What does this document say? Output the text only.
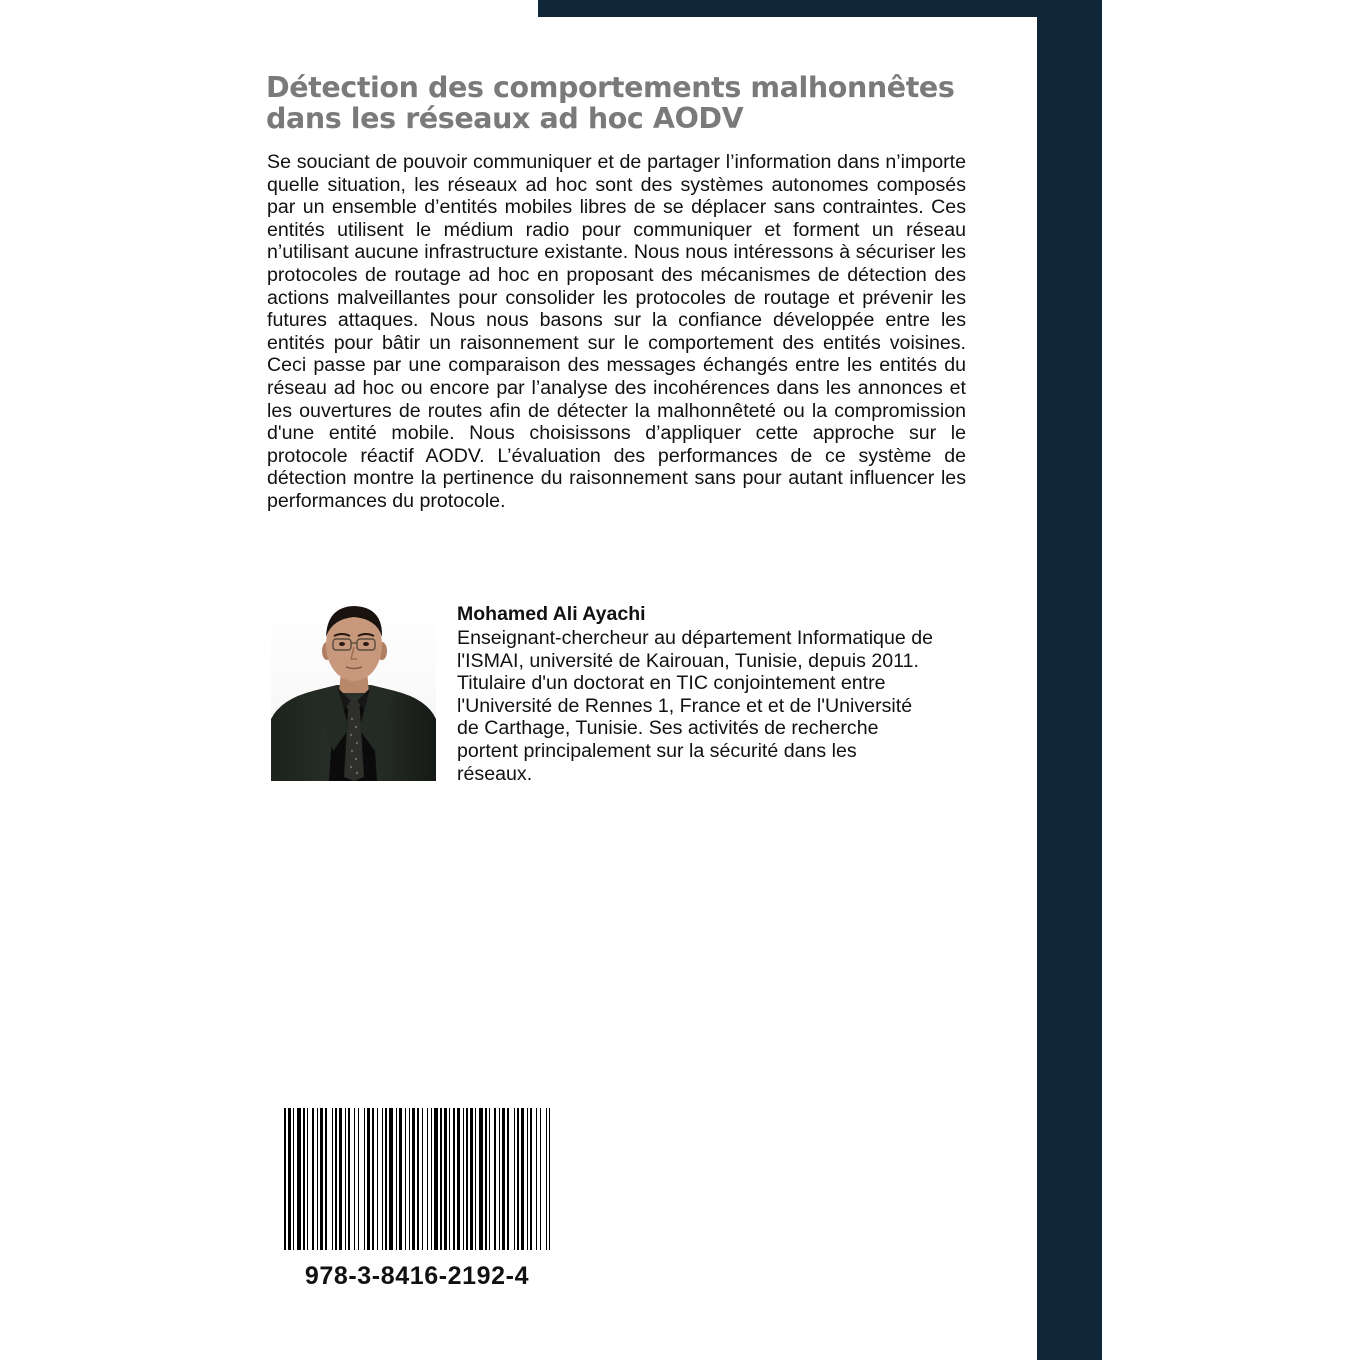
Détection des comportements malhonnêtes
dans les réseaux ad hoc AODV

Se souciant de pouvoir communiquer et de partager l’information dans n’importe quelle situation, les réseaux ad hoc sont des systèmes autonomes composés par un ensemble d’entités mobiles libres de se déplacer sans contraintes. Ces entités utilisent le médium radio pour communiquer et forment un réseau n’utilisant aucune infrastructure existante. Nous nous intéressons à sécuriser les protocoles de routage ad hoc en proposant des mécanismes de détection des actions malveillantes pour consolider les protocoles de routage et prévenir les futures attaques. Nous nous basons sur la confiance développée entre les entités pour bâtir un raisonnement sur le comportement des entités voisines. Ceci passe par une comparaison des messages échangés entre les entités du réseau ad hoc ou encore par l’analyse des incohérences dans les annonces et les ouvertures de routes afin de détecter la malhonnêteté ou la compromission d'une entité mobile. Nous choisissons d’appliquer cette approche sur le protocole réactif AODV. L’évaluation des performances de ce système de détection montre la pertinence du raisonnement sans pour autant influencer les performances du protocole.

Mohamed Ali Ayachi

Enseignant-chercheur au département Informatique de
l'ISMAI, université de Kairouan, Tunisie, depuis 2011.
Titulaire d'un doctorat en TIC conjointement entre
l'Université de Rennes 1, France et et de l'Université
de Carthage, Tunisie. Ses activités de recherche
portent principalement sur la sécurité dans les
réseaux.

978-3-8416-2192-4
